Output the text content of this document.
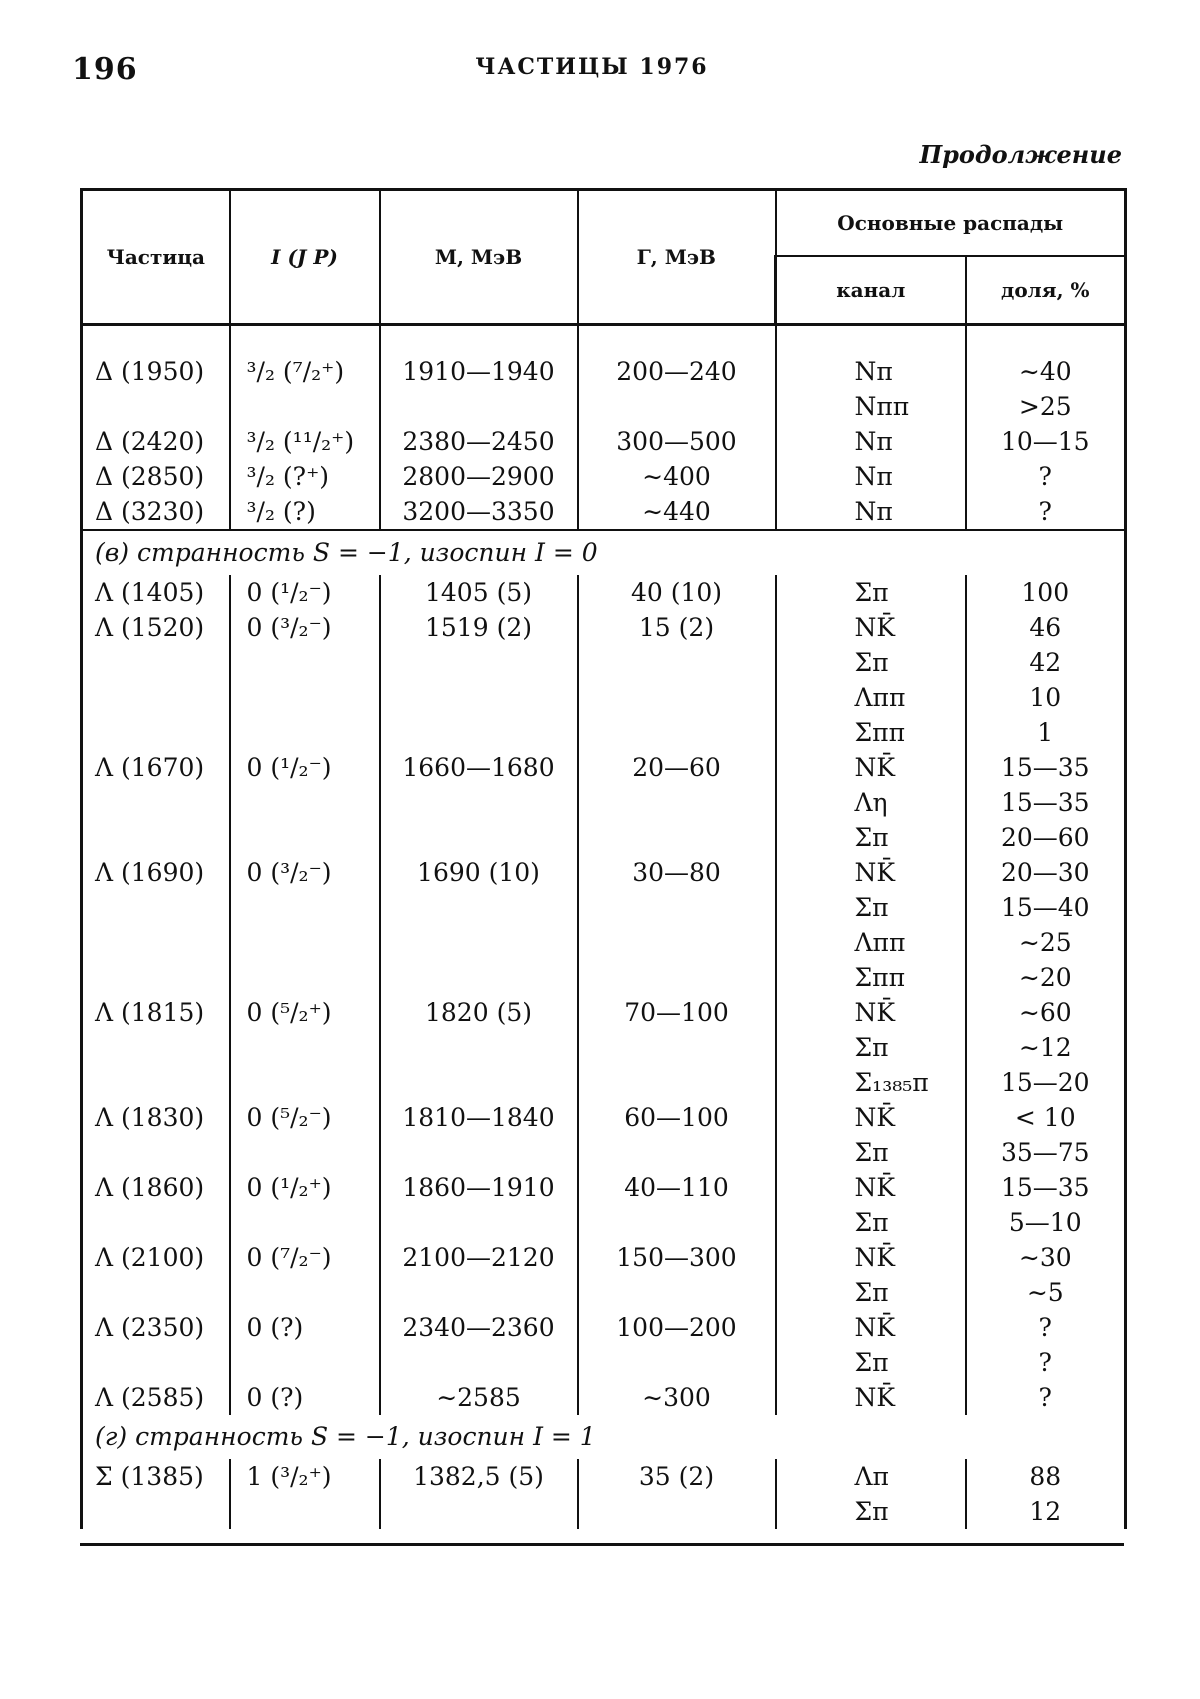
196	ЧАСТИЦЫ 1976
Продолжение
Частица	I (J P)	M, МэВ	Γ, МэВ	Основные распады
канал	доля, %

Δ (1950)	³/₂ (⁷/₂⁺)	1910—1940	200—240	Nπ
Nππ

∼40
>25

Δ (2420)	³/₂ (¹¹/₂⁺)	2380—2450	300—500	Nπ	10—15

Δ (2850)	³/₂ (?⁺)	2800—2900	∼400	Nπ	?

Δ (3230)	³/₂ (?)	3200—3350	∼440	Nπ	?

(в) странность S = −1, изоспин I = 0
Λ (1405)	0 (¹/₂⁻)	1405 (5)	40 (10)	Σπ	100

Λ (1520)	0 (³/₂⁻)	1519 (2)	15 (2)	NK̄
Σπ
Λππ
Σππ

46
42
10
1

Λ (1670)	0 (¹/₂⁻)	1660—1680	20—60	NK̄
Λη
Σπ

15—35
15—35
20—60

Λ (1690)	0 (³/₂⁻)	1690 (10)	30—80	NK̄
Σπ
Λππ
Σππ

20—30
15—40
∼25
∼20

Λ (1815)	0 (⁵/₂⁺)	1820 (5)	70—100	NK̄
Σπ
Σ₁₃₈₅π

∼60
∼12
15—20

Λ (1830)	0 (⁵/₂⁻)	1810—1840	60—100	NK̄
Σπ

< 10
35—75

Λ (1860)	0 (¹/₂⁺)	1860—1910	40—110	NK̄
Σπ

15—35
5—10

Λ (2100)	0 (⁷/₂⁻)	2100—2120	150—300	NK̄
Σπ

∼30
∼5

Λ (2350)	0 (?)	2340—2360	100—200	NK̄
Σπ

?
?

Λ (2585)	0 (?)	∼2585	∼300	NK̄	?

(г) странность S = −1, изоспин I = 1
Σ (1385)	1 (³/₂⁺)	1382,5 (5)	35 (2)	Λπ
Σπ

88
12
